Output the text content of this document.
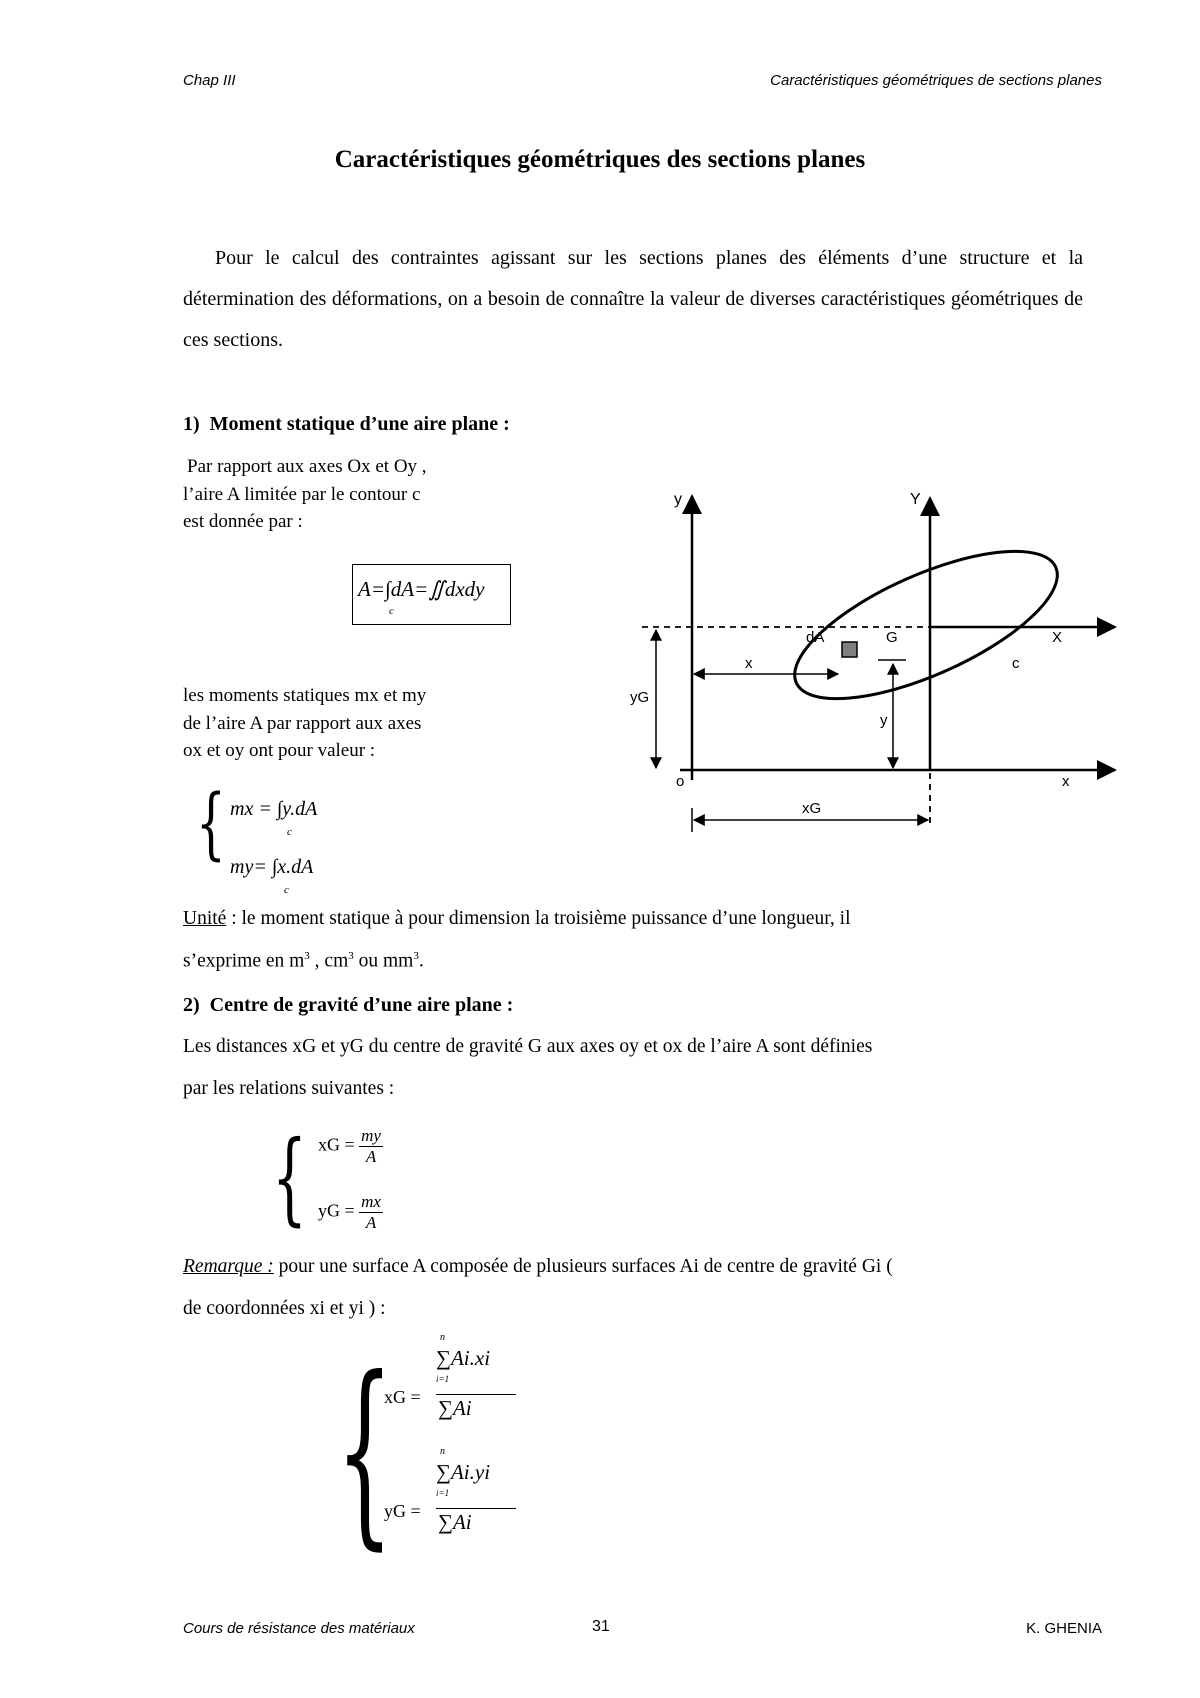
Chap III	Caractéristiques géométriques de sections planes
Caractéristiques géométriques des sections planes
Pour le calcul des contraintes agissant sur les sections planes des éléments d’une structure et la détermination des déformations, on a besoin de connaître la valeur de diverses caractéristiques géométriques de ces sections.
1)  Moment statique d’une aire plane :
Par rapport aux axes Ox et Oy ,
l’aire A limitée par le contour c
est donnée par :
A=∫dA=∬dxdy
c
les moments statiques mx et my
de l’aire A par rapport aux axes
ox et oy ont pour valeur :
{ mx = ∫y.dA
c
my= ∫x.dA
c
y	Y
dA	G	X
x	c
yG
y
o	x
xG
Unité : le moment statique à pour dimension la troisième puissance d’une longueur, il
s’exprime en $m^3$ , $cm^3$ ou $mm^3$.
2)  Centre de gravité d’une aire plane :
Les distances xG et yG du centre de gravité G aux axes oy et ox de l’aire A sont définies
par les relations suivantes :
{ xG = $\frac{my}{A}$
yG = $\frac{mx}{A}$
Remarque : pour une surface A composée de plusieurs surfaces Ai de centre de gravité Gi (
de coordonnées xi et yi ) :
{
xG =
n
∑Ai.xi
i=1
∑Ai
yG =
n
∑Ai.yi
i=1
∑Ai
Cours de résistance des matériaux	31	K. GHENIA
